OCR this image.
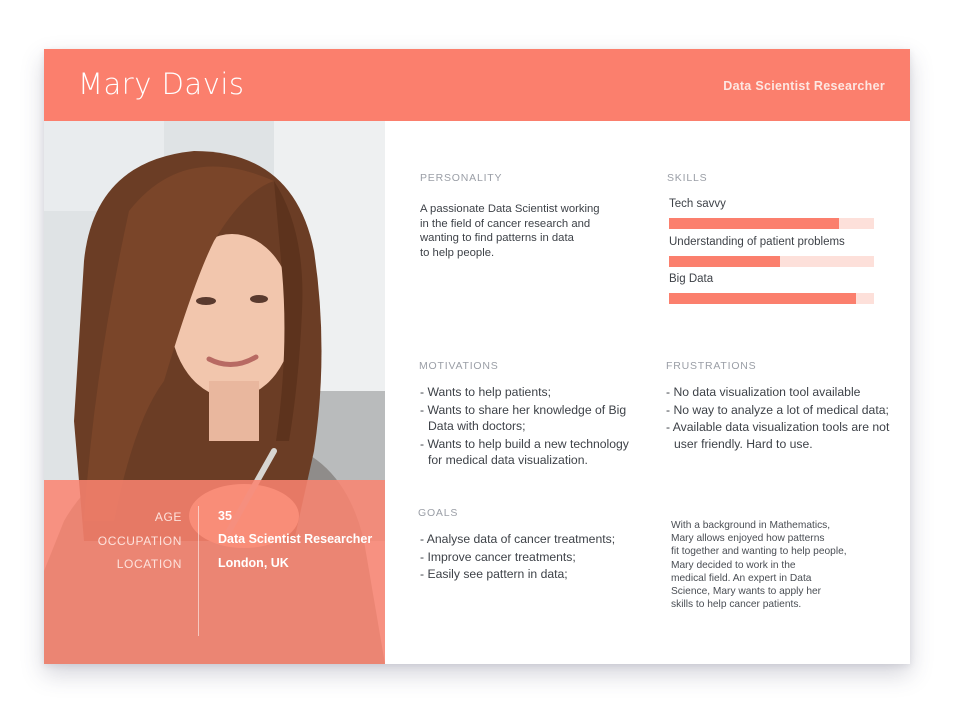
Mary Davis	Data Scientist Researcher
AGE	35
OCCUPATION	Data Scientist Researcher
LOCATION	London, UK
PERSONALITY
A passionate Data Scientist working
in the field of cancer research and
wanting to find patterns in data
to help people.
SKILLS
Tech savvy
Understanding of patient problems
Big Data
MOTIVATIONS
- Wants to help patients;
- Wants to share her knowledge of Big Data with doctors;
- Wants to help build a new technology for medical data visualization.
FRUSTRATIONS
- No data visualization tool available
- No way to analyze a lot of medical data;
- Available data visualization tools are not user friendly. Hard to use.
GOALS
- Analyse data of cancer treatments;
- Improve cancer treatments;
- Easily see pattern in data;
With a background in Mathematics,
Mary allows enjoyed how patterns
fit together and wanting to help people,
Mary decided to work in the
medical field. An expert in Data
Science, Mary wants to apply her
skills to help cancer patients.
